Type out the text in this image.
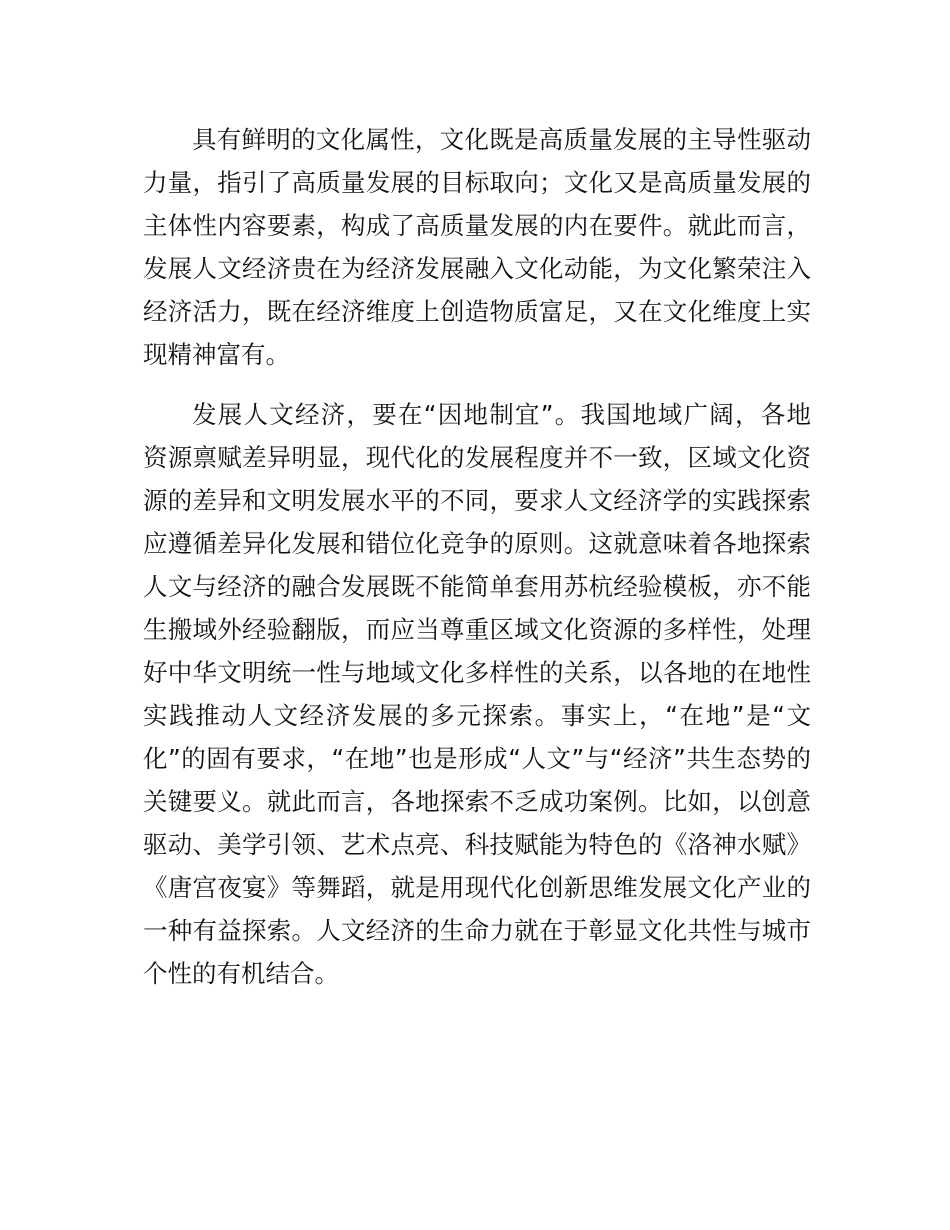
具有鲜明的文化属性，文化既是高质量发展的主导性驱动
力量，指引了高质量发展的目标取向；文化又是高质量发展的
主体性内容要素，构成了高质量发展的内在要件。就此而言，
发展人文经济贵在为经济发展融入文化动能，为文化繁荣注入
经济活力，既在经济维度上创造物质富足，又在文化维度上实
现精神富有。
发展人文经济，要在“因地制宜”。我国地域广阔，各地
资源禀赋差异明显，现代化的发展程度并不一致，区域文化资
源的差异和文明发展水平的不同，要求人文经济学的实践探索
应遵循差异化发展和错位化竞争的原则。这就意味着各地探索
人文与经济的融合发展既不能简单套用苏杭经验模板，亦不能
生搬域外经验翻版，而应当尊重区域文化资源的多样性，处理
好中华文明统一性与地域文化多样性的关系，以各地的在地性
实践推动人文经济发展的多元探索。事实上，“在地”是“文
化”的固有要求，“在地”也是形成“人文”与“经济”共生态势的
关键要义。就此而言，各地探索不乏成功案例。比如，以创意
驱动、美学引领、艺术点亮、科技赋能为特色的《洛神水赋》
《唐宫夜宴》等舞蹈，就是用现代化创新思维发展文化产业的
一种有益探索。人文经济的生命力就在于彰显文化共性与城市
个性的有机结合。
